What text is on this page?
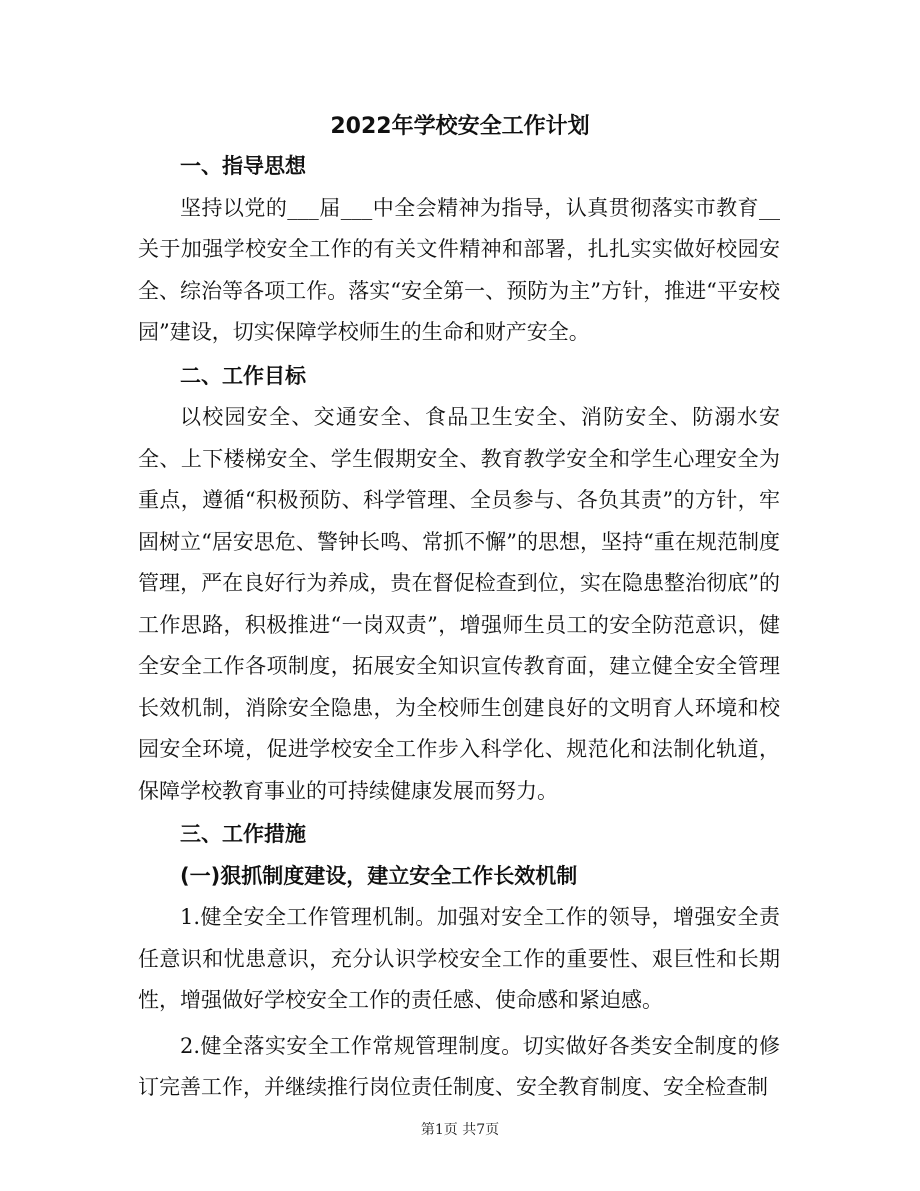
2022年学校安全工作计划

一、指导思想

坚持以党的___届___中全会精神为指导，认真贯彻落实市教育__关于加强学校安全工作的有关文件精神和部署，扎扎实实做好校园安全、综治等各项工作。落实“安全第一、预防为主”方针，推进“平安校园”建设，切实保障学校师生的生命和财产安全。

二、工作目标

以校园安全、交通安全、食品卫生安全、消防安全、防溺水安全、上下楼梯安全、学生假期安全、教育教学安全和学生心理安全为重点，遵循“积极预防、科学管理、全员参与、各负其责”的方针，牢固树立“居安思危、警钟长鸣、常抓不懈”的思想，坚持“重在规范制度管理，严在良好行为养成，贵在督促检查到位，实在隐患整治彻底”的工作思路，积极推进“一岗双责”，增强师生员工的安全防范意识，健全安全工作各项制度，拓展安全知识宣传教育面，建立健全安全管理长效机制，消除安全隐患，为全校师生创建良好的文明育人环境和校园安全环境，促进学校安全工作步入科学化、规范化和法制化轨道，保障学校教育事业的可持续健康发展而努力。

三、工作措施

(一)狠抓制度建设，建立安全工作长效机制

1.健全安全工作管理机制。加强对安全工作的领导，增强安全责任意识和忧患意识，充分认识学校安全工作的重要性、艰巨性和长期性，增强做好学校安全工作的责任感、使命感和紧迫感。

2.健全落实安全工作常规管理制度。切实做好各类安全制度的修订完善工作，并继续推行岗位责任制度、安全教育制度、安全检查制

第1页 共7页
